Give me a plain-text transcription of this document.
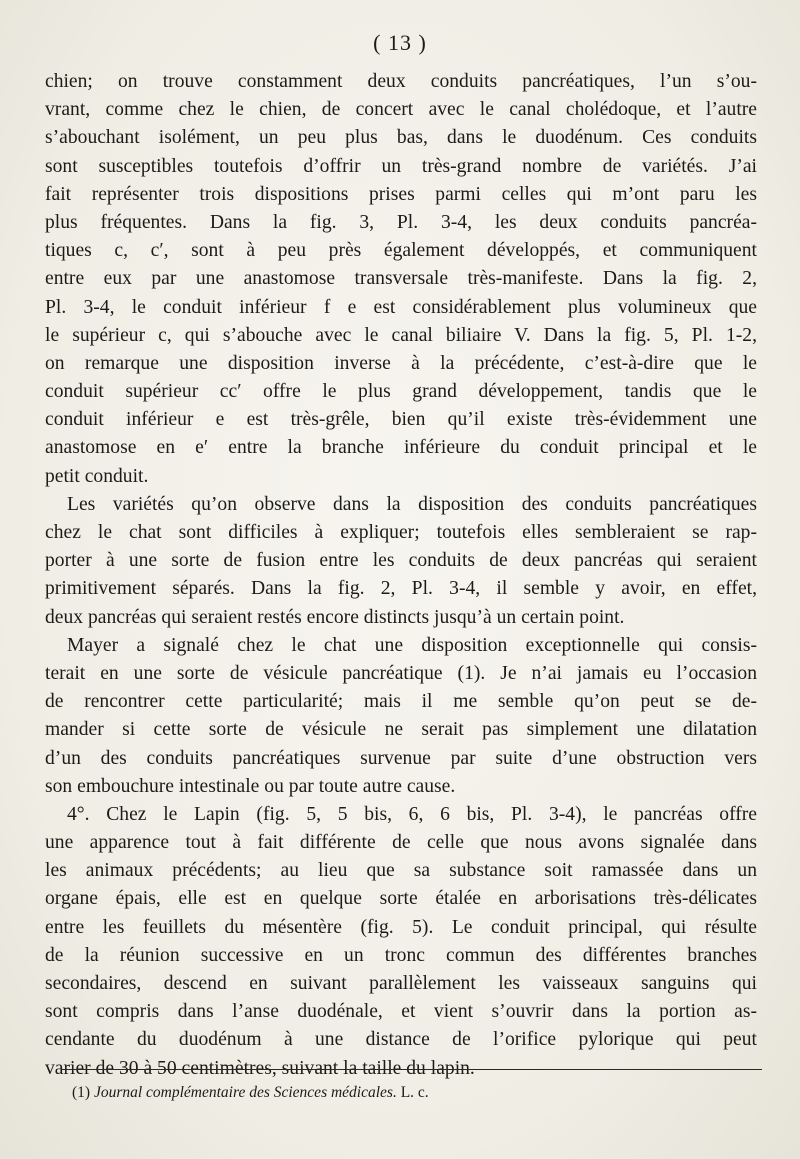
( 13 )
chien; on trouve constamment deux conduits pancréatiques, l’un s’ou-
vrant, comme chez le chien, de concert avec le canal cholédoque, et l’autre
s’abouchant isolément, un peu plus bas, dans le duodénum. Ces conduits
sont susceptibles toutefois d’offrir un très-grand nombre de variétés. J’ai
fait représenter trois dispositions prises parmi celles qui m’ont paru les
plus fréquentes. Dans la fig. 3, Pl. 3-4, les deux conduits pancréa-
tiques c, c′, sont à peu près également développés, et communiquent
entre eux par une anastomose transversale très-manifeste. Dans la fig. 2,
Pl. 3-4, le conduit inférieur f e est considérablement plus volumineux que
le supérieur c, qui s’abouche avec le canal biliaire V. Dans la fig. 5, Pl. 1-2,
on remarque une disposition inverse à la précédente, c’est-à-dire que le
conduit supérieur cc′ offre le plus grand développement, tandis que le
conduit inférieur e est très-grêle, bien qu’il existe très-évidemment une
anastomose en e′ entre la branche inférieure du conduit principal et le
petit conduit.
Les variétés qu’on observe dans la disposition des conduits pancréatiques
chez le chat sont difficiles à expliquer; toutefois elles sembleraient se rap-
porter à une sorte de fusion entre les conduits de deux pancréas qui seraient
primitivement séparés. Dans la fig. 2, Pl. 3-4, il semble y avoir, en effet,
deux pancréas qui seraient restés encore distincts jusqu’à un certain point.
Mayer a signalé chez le chat une disposition exceptionnelle qui consis-
terait en une sorte de vésicule pancréatique (1). Je n’ai jamais eu l’occasion
de rencontrer cette particularité; mais il me semble qu’on peut se de-
mander si cette sorte de vésicule ne serait pas simplement une dilatation
d’un des conduits pancréatiques survenue par suite d’une obstruction vers
son embouchure intestinale ou par toute autre cause.
4°. Chez le Lapin (fig. 5, 5 bis, 6, 6 bis, Pl. 3-4), le pancréas offre
une apparence tout à fait différente de celle que nous avons signalée dans
les animaux précédents; au lieu que sa substance soit ramassée dans un
organe épais, elle est en quelque sorte étalée en arborisations très-délicates
entre les feuillets du mésentère (fig. 5). Le conduit principal, qui résulte
de la réunion successive en un tronc commun des différentes branches
secondaires, descend en suivant parallèlement les vaisseaux sanguins qui
sont compris dans l’anse duodénale, et vient s’ouvrir dans la portion as-
cendante du duodénum à une distance de l’orifice pylorique qui peut
varier de 30 à 50 centimètres, suivant la taille du lapin.
(1) Journal complémentaire des Sciences médicales. L. c.
